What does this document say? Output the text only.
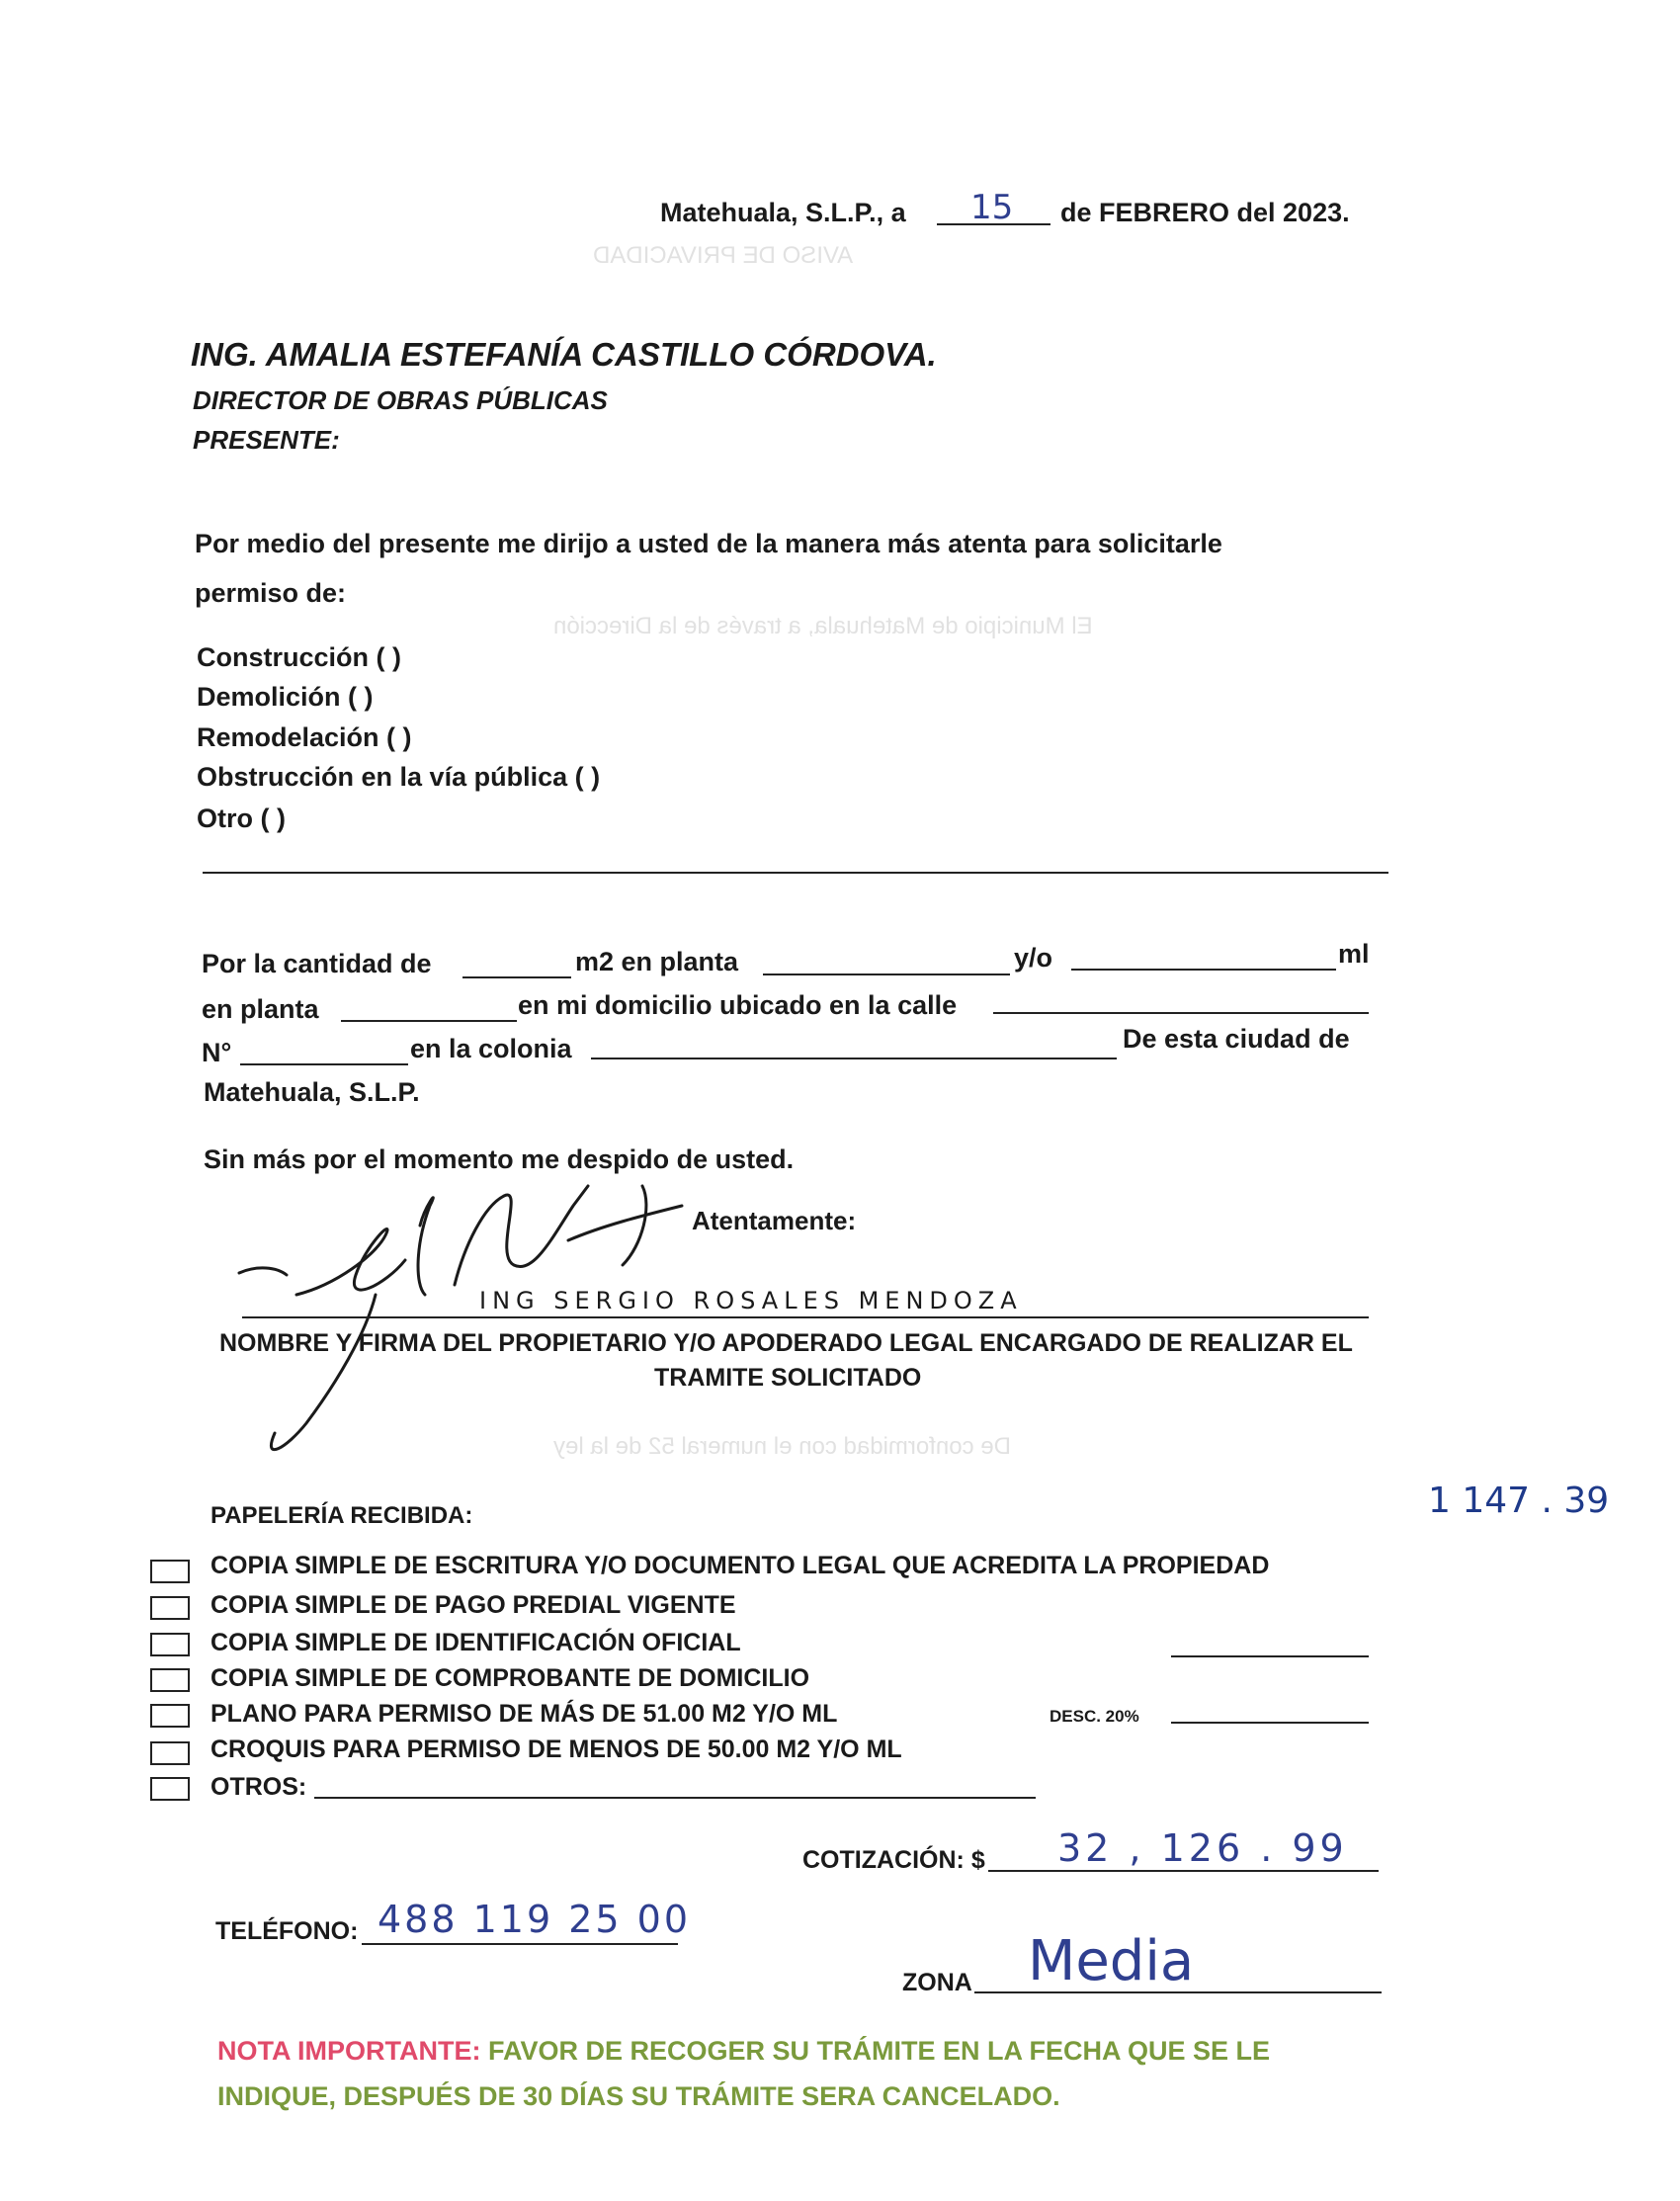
AVISO DE PRIVACIDAD
El Municipio de Matehuala, a través de la Dirección
De conformidad con el numeral 52 de la ley
Matehuala, S.L.P., a 15 de FEBRERO del 2023.
ING. AMALIA ESTEFANÍA CASTILLO CÓRDOVA.
DIRECTOR DE OBRAS PÚBLICAS
PRESENTE:
Por medio del presente me dirijo a usted de la manera más atenta para solicitarle
permiso de:
Construcción ( )
Demolición ( )
Remodelación ( )
Obstrucción en la vía pública ( )
Otro ( )
Por la cantidad de	m2 en planta	y/o	ml
en planta	en mi domicilio ubicado en la calle
N°	en la colonia	De esta ciudad de
Matehuala, S.L.P.
Sin más por el momento me despido de usted.
Atentamente:
ING SERGIO ROSALES MENDOZA
NOMBRE Y FIRMA DEL PROPIETARIO Y/O APODERADO LEGAL ENCARGADO DE REALIZAR EL
TRAMITE SOLICITADO
PAPELERÍA RECIBIDA:	1 147 . 39
COPIA SIMPLE DE ESCRITURA Y/O DOCUMENTO LEGAL QUE ACREDITA LA PROPIEDAD
COPIA SIMPLE DE PAGO PREDIAL VIGENTE
COPIA SIMPLE DE IDENTIFICACIÓN OFICIAL
COPIA SIMPLE DE COMPROBANTE DE DOMICILIO
PLANO PARA PERMISO DE MÁS DE 51.00 M2 Y/O ML	DESC. 20%
CROQUIS PARA PERMISO DE MENOS DE 50.00 M2 Y/O ML
OTROS:
COTIZACIÓN: $ 32 , 126 . 99
TELÉFONO: 488 119 25 00
ZONA Media
NOTA IMPORTANTE: FAVOR DE RECOGER SU TRÁMITE EN LA FECHA QUE SE LE
INDIQUE, DESPUÉS DE 30 DÍAS SU TRÁMITE SERA CANCELADO.
